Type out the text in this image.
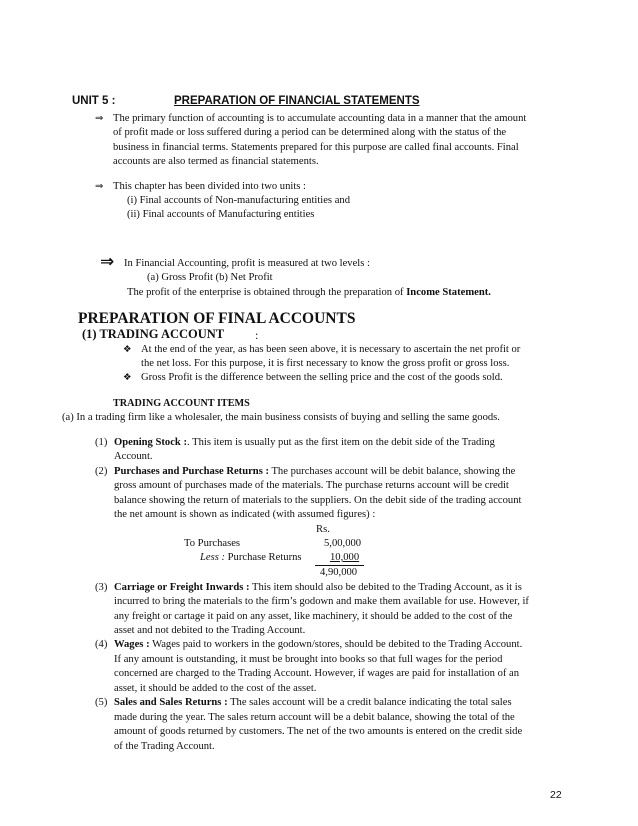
UNIT 5 :	PREPARATION OF FINANCIAL STATEMENTS
⇒ The primary function of accounting is to accumulate accounting data in a manner that the amount
of profit made or loss suffered during a period can be determined along with the status of the
business in financial terms. Statements prepared for this purpose are called final accounts. Final
accounts are also termed as financial statements.
⇒ This chapter has been divided into two units :
(i) Final accounts of Non-manufacturing entities and
(ii) Final accounts of Manufacturing entities
⇒ In Financial Accounting, profit is measured at two levels :
(a) Gross Profit (b) Net Profit
The profit of the enterprise is obtained through the preparation of Income Statement.
PREPARATION OF FINAL ACCOUNTS
(1) TRADING ACCOUNT	:
❖ At the end of the year, as has been seen above, it is necessary to ascertain the net profit or
the net loss. For this purpose, it is first necessary to know the gross profit or gross loss.
❖ Gross Profit is the difference between the selling price and the cost of the goods sold.
TRADING ACCOUNT ITEMS
(a) In a trading firm like a wholesaler, the main business consists of buying and selling the same goods.
(1) Opening Stock :. This item is usually put as the first item on the debit side of the Trading
Account.
(2) Purchases and Purchase Returns : The purchases account will be debit balance, showing the
gross amount of purchases made of the materials. The purchase returns account will be credit
balance showing the return of materials to the suppliers. On the debit side of the trading account
the net amount is shown as indicated (with assumed figures) :
Rs.
To Purchases	5,00,000
Less : Purchase Returns	10,000
4,90,000
(3) Carriage or Freight Inwards : This item should also be debited to the Trading Account, as it is
incurred to bring the materials to the firm’s godown and make them available for use. However, if
any freight or cartage it paid on any asset, like machinery, it should be added to the cost of the
asset and not debited to the Trading Account.
(4) Wages : Wages paid to workers in the godown/stores, should be debited to the Trading Account.
If any amount is outstanding, it must be brought into books so that full wages for the period
concerned are charged to the Trading Account. However, if wages are paid for installation of an
asset, it should be added to the cost of the asset.
(5) Sales and Sales Returns : The sales account will be a credit balance indicating the total sales
made during the year. The sales return account will be a debit balance, showing the total of the
amount of goods returned by customers. The net of the two amounts is entered on the credit side
of the Trading Account.
22
